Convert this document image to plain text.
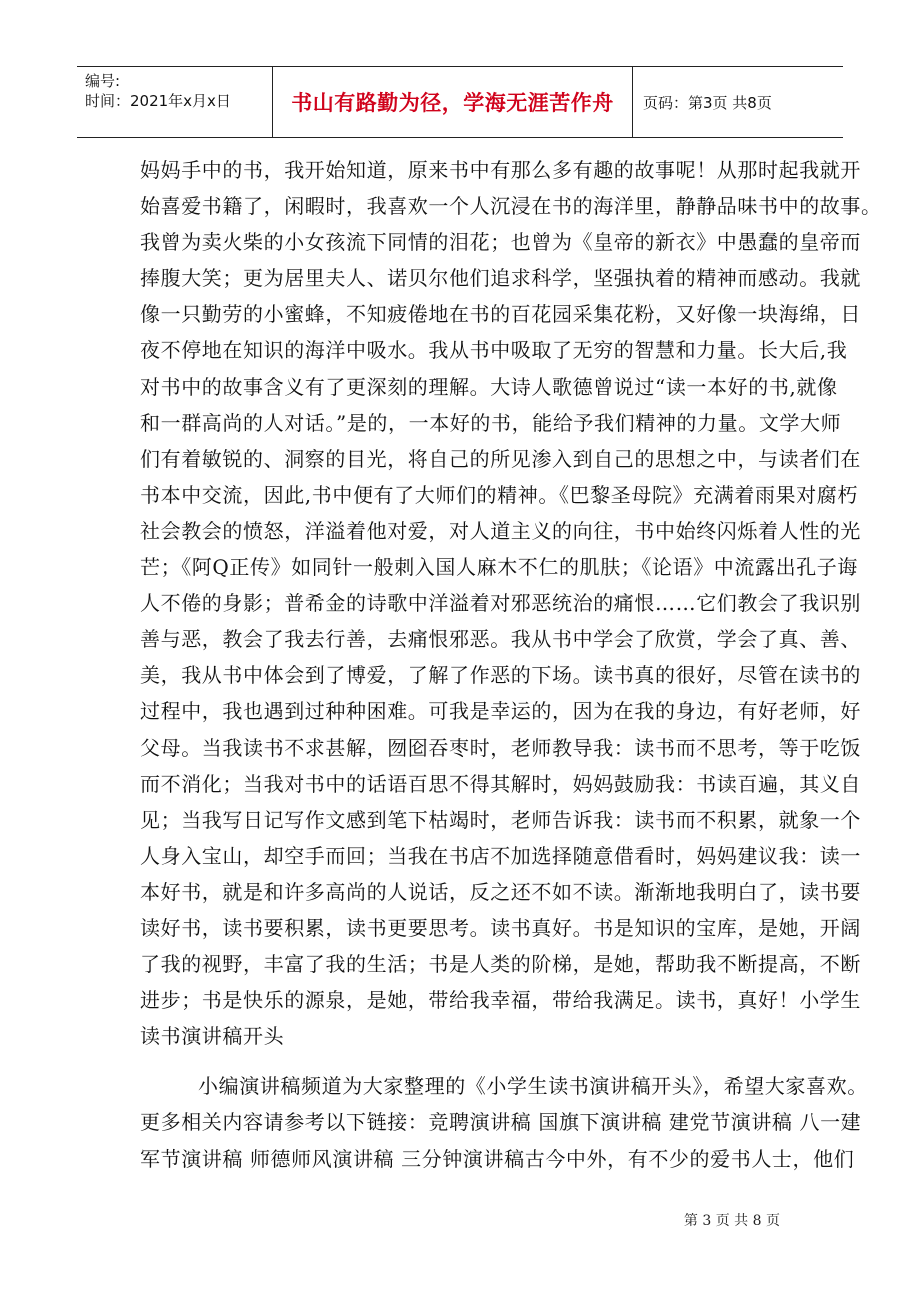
编号:
时间：2021年x月x日	书山有路勤为径，学海无涯苦作舟	页码：第3页 共8页
妈妈手中的书，我开始知道，原来书中有那么多有趣的故事呢！从那时起我就开
始喜爱书籍了，闲暇时，我喜欢一个人沉浸在书的海洋里，静静品味书中的故事。
我曾为卖火柴的小女孩流下同情的泪花；也曾为《皇帝的新衣》中愚蠢的皇帝而
捧腹大笑；更为居里夫人、诺贝尔他们追求科学，坚强执着的精神而感动。我就
像一只勤劳的小蜜蜂，不知疲倦地在书的百花园采集花粉，又好像一块海绵，日
夜不停地在知识的海洋中吸水。我从书中吸取了无穷的智慧和力量。长大后,我
对书中的故事含义有了更深刻的理解。大诗人歌德曾说过“读一本好的书,就像
和一群高尚的人对话。”是的，一本好的书，能给予我们精神的力量。文学大师
们有着敏锐的、洞察的目光，将自己的所见渗入到自己的思想之中，与读者们在
书本中交流，因此,书中便有了大师们的精神。《巴黎圣母院》充满着雨果对腐朽
社会教会的愤怒，洋溢着他对爱，对人道主义的向往，书中始终闪烁着人性的光
芒；《阿Q正传》如同针一般刺入国人麻木不仁的肌肤；《论语》中流露出孔子诲
人不倦的身影；普希金的诗歌中洋溢着对邪恶统治的痛恨……它们教会了我识别
善与恶，教会了我去行善，去痛恨邪恶。我从书中学会了欣赏，学会了真、善、
美，我从书中体会到了博爱，了解了作恶的下场。读书真的很好，尽管在读书的
过程中，我也遇到过种种困难。可我是幸运的，因为在我的身边，有好老师，好
父母。当我读书不求甚解，囫囵吞枣时，老师教导我：读书而不思考，等于吃饭
而不消化；当我对书中的话语百思不得其解时，妈妈鼓励我：书读百遍，其义自
见；当我写日记写作文感到笔下枯竭时，老师告诉我：读书而不积累，就象一个
人身入宝山，却空手而回；当我在书店不加选择随意借看时，妈妈建议我：读一
本好书，就是和许多高尚的人说话，反之还不如不读。渐渐地我明白了，读书要
读好书，读书要积累，读书更要思考。读书真好。书是知识的宝库，是她，开阔
了我的视野，丰富了我的生活；书是人类的阶梯，是她，帮助我不断提高，不断
进步；书是快乐的源泉，是她，带给我幸福，带给我满足。读书，真好！小学生
读书演讲稿开头
小编演讲稿频道为大家整理的《小学生读书演讲稿开头》，希望大家喜欢。
更多相关内容请参考以下链接：竞聘演讲稿 国旗下演讲稿 建党节演讲稿 八一建
军节演讲稿 师德师风演讲稿 三分钟演讲稿古今中外，有不少的爱书人士，他们
第 3 页 共 8 页
